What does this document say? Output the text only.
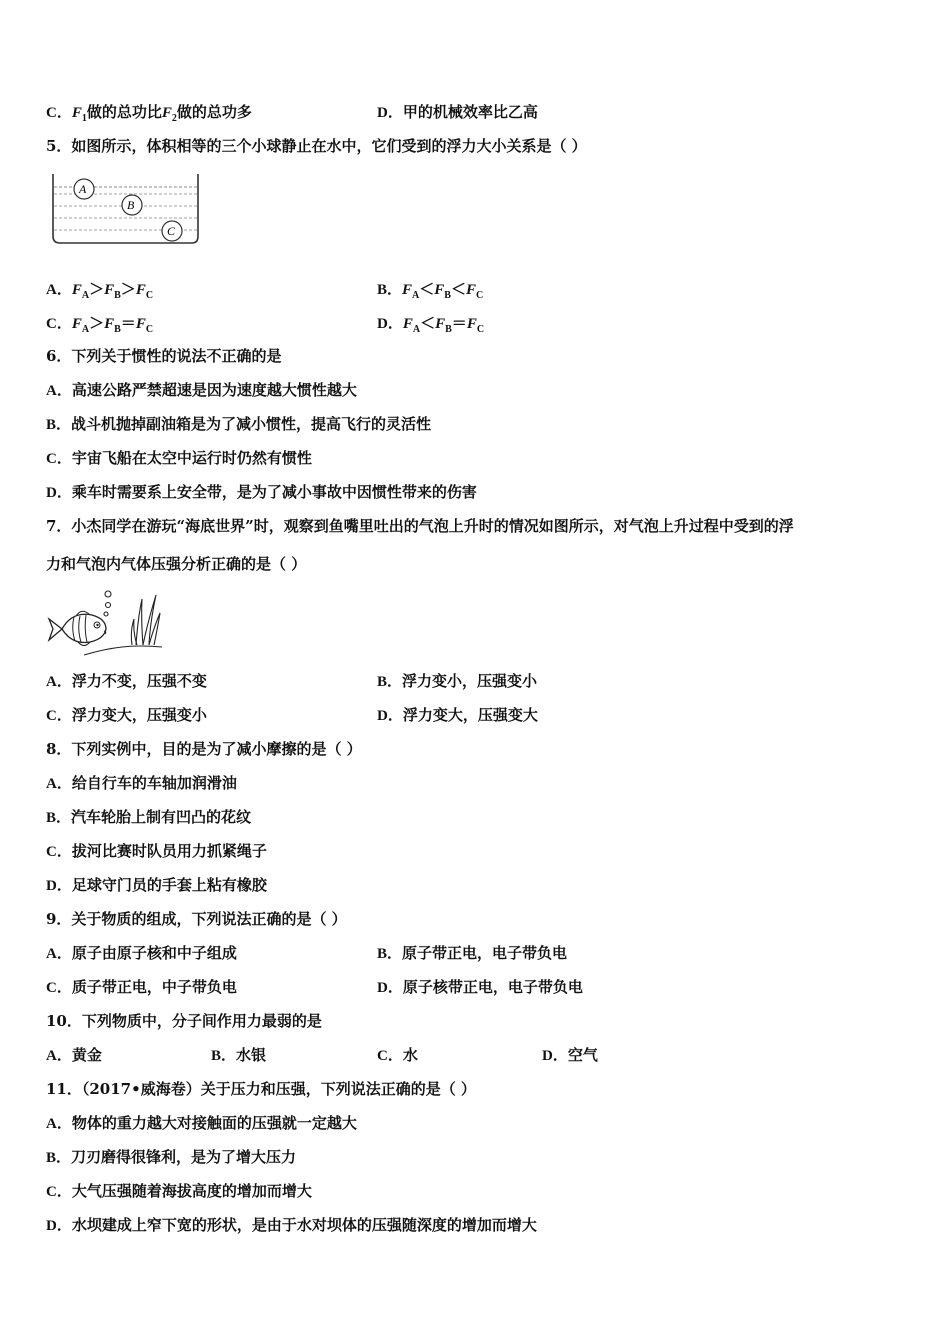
C．$F_1$做的总功比$F_2$做的总功多	D．甲的机械效率比乙高
5．如图所示，体积相等的三个小球静止在水中，它们受到的浮力大小关系是（ ）
A
B
C
A．$F_A>F_B>F_C$	B．$F_A<F_B<F_C$
C．$F_A>F_B=F_C$	D．$F_A<F_B=F_C$
6．下列关于惯性的说法不正确的是
A．高速公路严禁超速是因为速度越大惯性越大
B．战斗机抛掉副油箱是为了减小惯性，提高飞行的灵活性
C．宇宙飞船在太空中运行时仍然有惯性
D．乘车时需要系上安全带，是为了减小事故中因惯性带来的伤害
7．小杰同学在游玩“海底世界”时，观察到鱼嘴里吐出的气泡上升时的情况如图所示，对气泡上升过程中受到的浮
力和气泡内气体压强分析正确的是（ ）
A．浮力不变，压强不变	B．浮力变小，压强变小
C．浮力变大，压强变小	D．浮力变大，压强变大
8．下列实例中，目的是为了减小摩擦的是（ ）
A．给自行车的车轴加润滑油
B．汽车轮胎上制有凹凸的花纹
C．拔河比赛时队员用力抓紧绳子
D．足球守门员的手套上粘有橡胶
9．关于物质的组成，下列说法正确的是（ ）
A．原子由原子核和中子组成	B．原子带正电，电子带负电
C．质子带正电，中子带负电	D．原子核带正电，电子带负电
10．下列物质中，分子间作用力最弱的是
A．黄金	B．水银	C．水	D．空气
11．（2017•威海卷）关于压力和压强，下列说法正确的是（ ）
A．物体的重力越大对接触面的压强就一定越大
B．刀刃磨得很锋利，是为了增大压力
C．大气压强随着海拔高度的增加而增大
D．水坝建成上窄下宽的形状，是由于水对坝体的压强随深度的增加而增大
